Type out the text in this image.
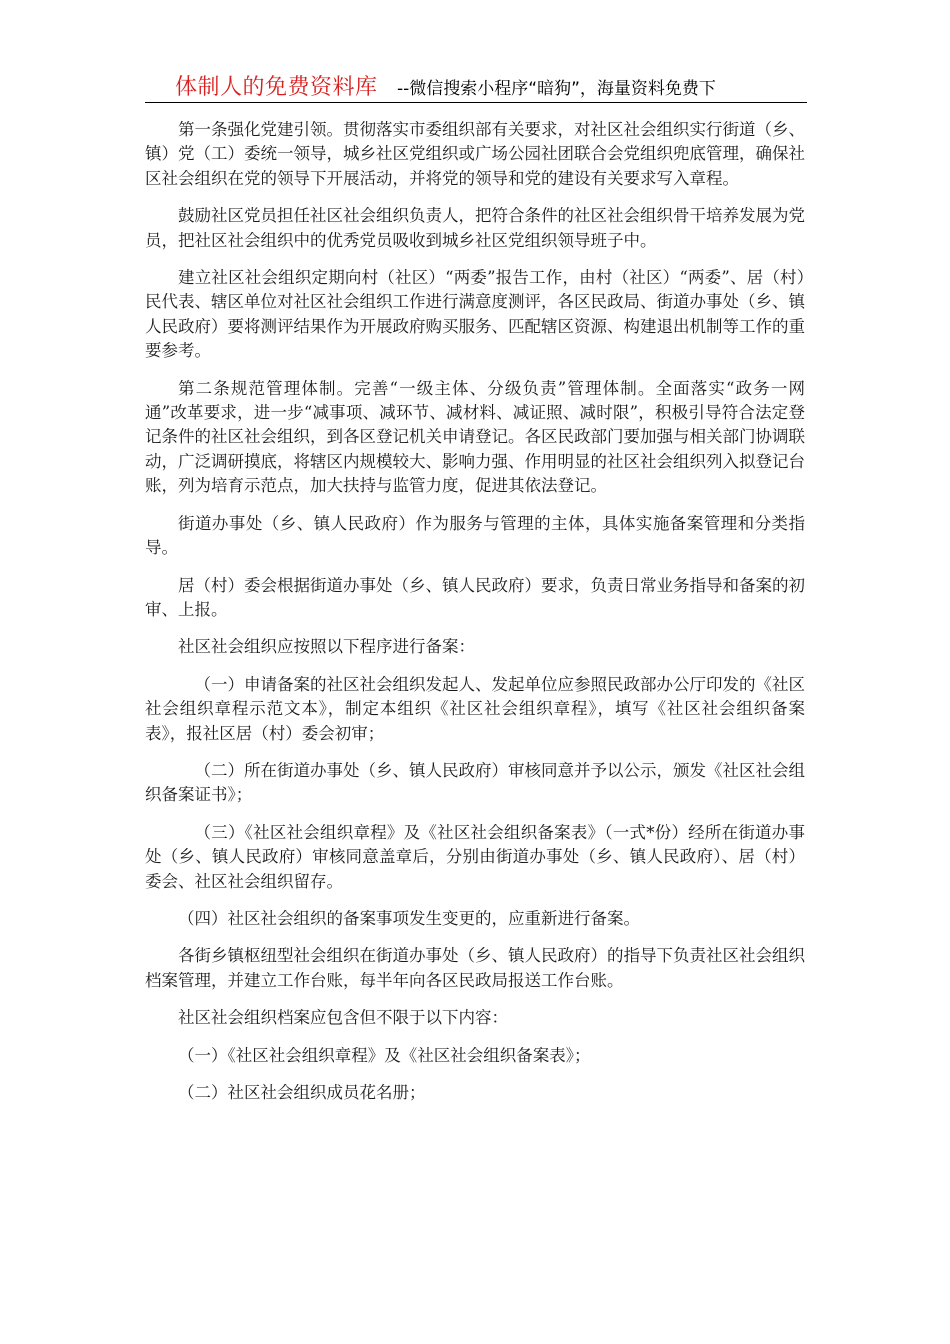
体制人的免费资料库 --微信搜索小程序“暗狗”，海量资料免费下

第一条强化党建引领。贯彻落实市委组织部有关要求，对社区社会组织实行街道（乡、镇）党（工）委统一领导，城乡社区党组织或广场公园社团联合会党组织兜底管理，确保社区社会组织在党的领导下开展活动，并将党的领导和党的建设有关要求写入章程。

鼓励社区党员担任社区社会组织负责人，把符合条件的社区社会组织骨干培养发展为党员，把社区社会组织中的优秀党员吸收到城乡社区党组织领导班子中。

建立社区社会组织定期向村（社区）“两委”报告工作，由村（社区）“两委”、居（村）民代表、辖区单位对社区社会组织工作进行满意度测评，各区民政局、街道办事处（乡、镇人民政府）要将测评结果作为开展政府购买服务、匹配辖区资源、构建退出机制等工作的重要参考。

第二条规范管理体制。完善“一级主体、分级负责”管理体制。全面落实“政务一网通”改革要求，进一步“减事项、减环节、减材料、减证照、减时限”，积极引导符合法定登记条件的社区社会组织，到各区登记机关申请登记。各区民政部门要加强与相关部门协调联动，广泛调研摸底，将辖区内规模较大、影响力强、作用明显的社区社会组织列入拟登记台账，列为培育示范点，加大扶持与监管力度，促进其依法登记。

街道办事处（乡、镇人民政府）作为服务与管理的主体，具体实施备案管理和分类指导。

居（村）委会根据街道办事处（乡、镇人民政府）要求，负责日常业务指导和备案的初审、上报。

社区社会组织应按照以下程序进行备案：

（一）申请备案的社区社会组织发起人、发起单位应参照民政部办公厅印发的《社区社会组织章程示范文本》，制定本组织《社区社会组织章程》，填写《社区社会组织备案表》，报社区居（村）委会初审；

（二）所在街道办事处（乡、镇人民政府）审核同意并予以公示，颁发《社区社会组织备案证书》；

（三）《社区社会组织章程》及《社区社会组织备案表》（一式*份）经所在街道办事处（乡、镇人民政府）审核同意盖章后，分别由街道办事处（乡、镇人民政府）、居（村）委会、社区社会组织留存。

（四）社区社会组织的备案事项发生变更的，应重新进行备案。

各街乡镇枢纽型社会组织在街道办事处（乡、镇人民政府）的指导下负责社区社会组织档案管理，并建立工作台账，每半年向各区民政局报送工作台账。

社区社会组织档案应包含但不限于以下内容：

（一）《社区社会组织章程》及《社区社会组织备案表》；

（二）社区社会组织成员花名册；
